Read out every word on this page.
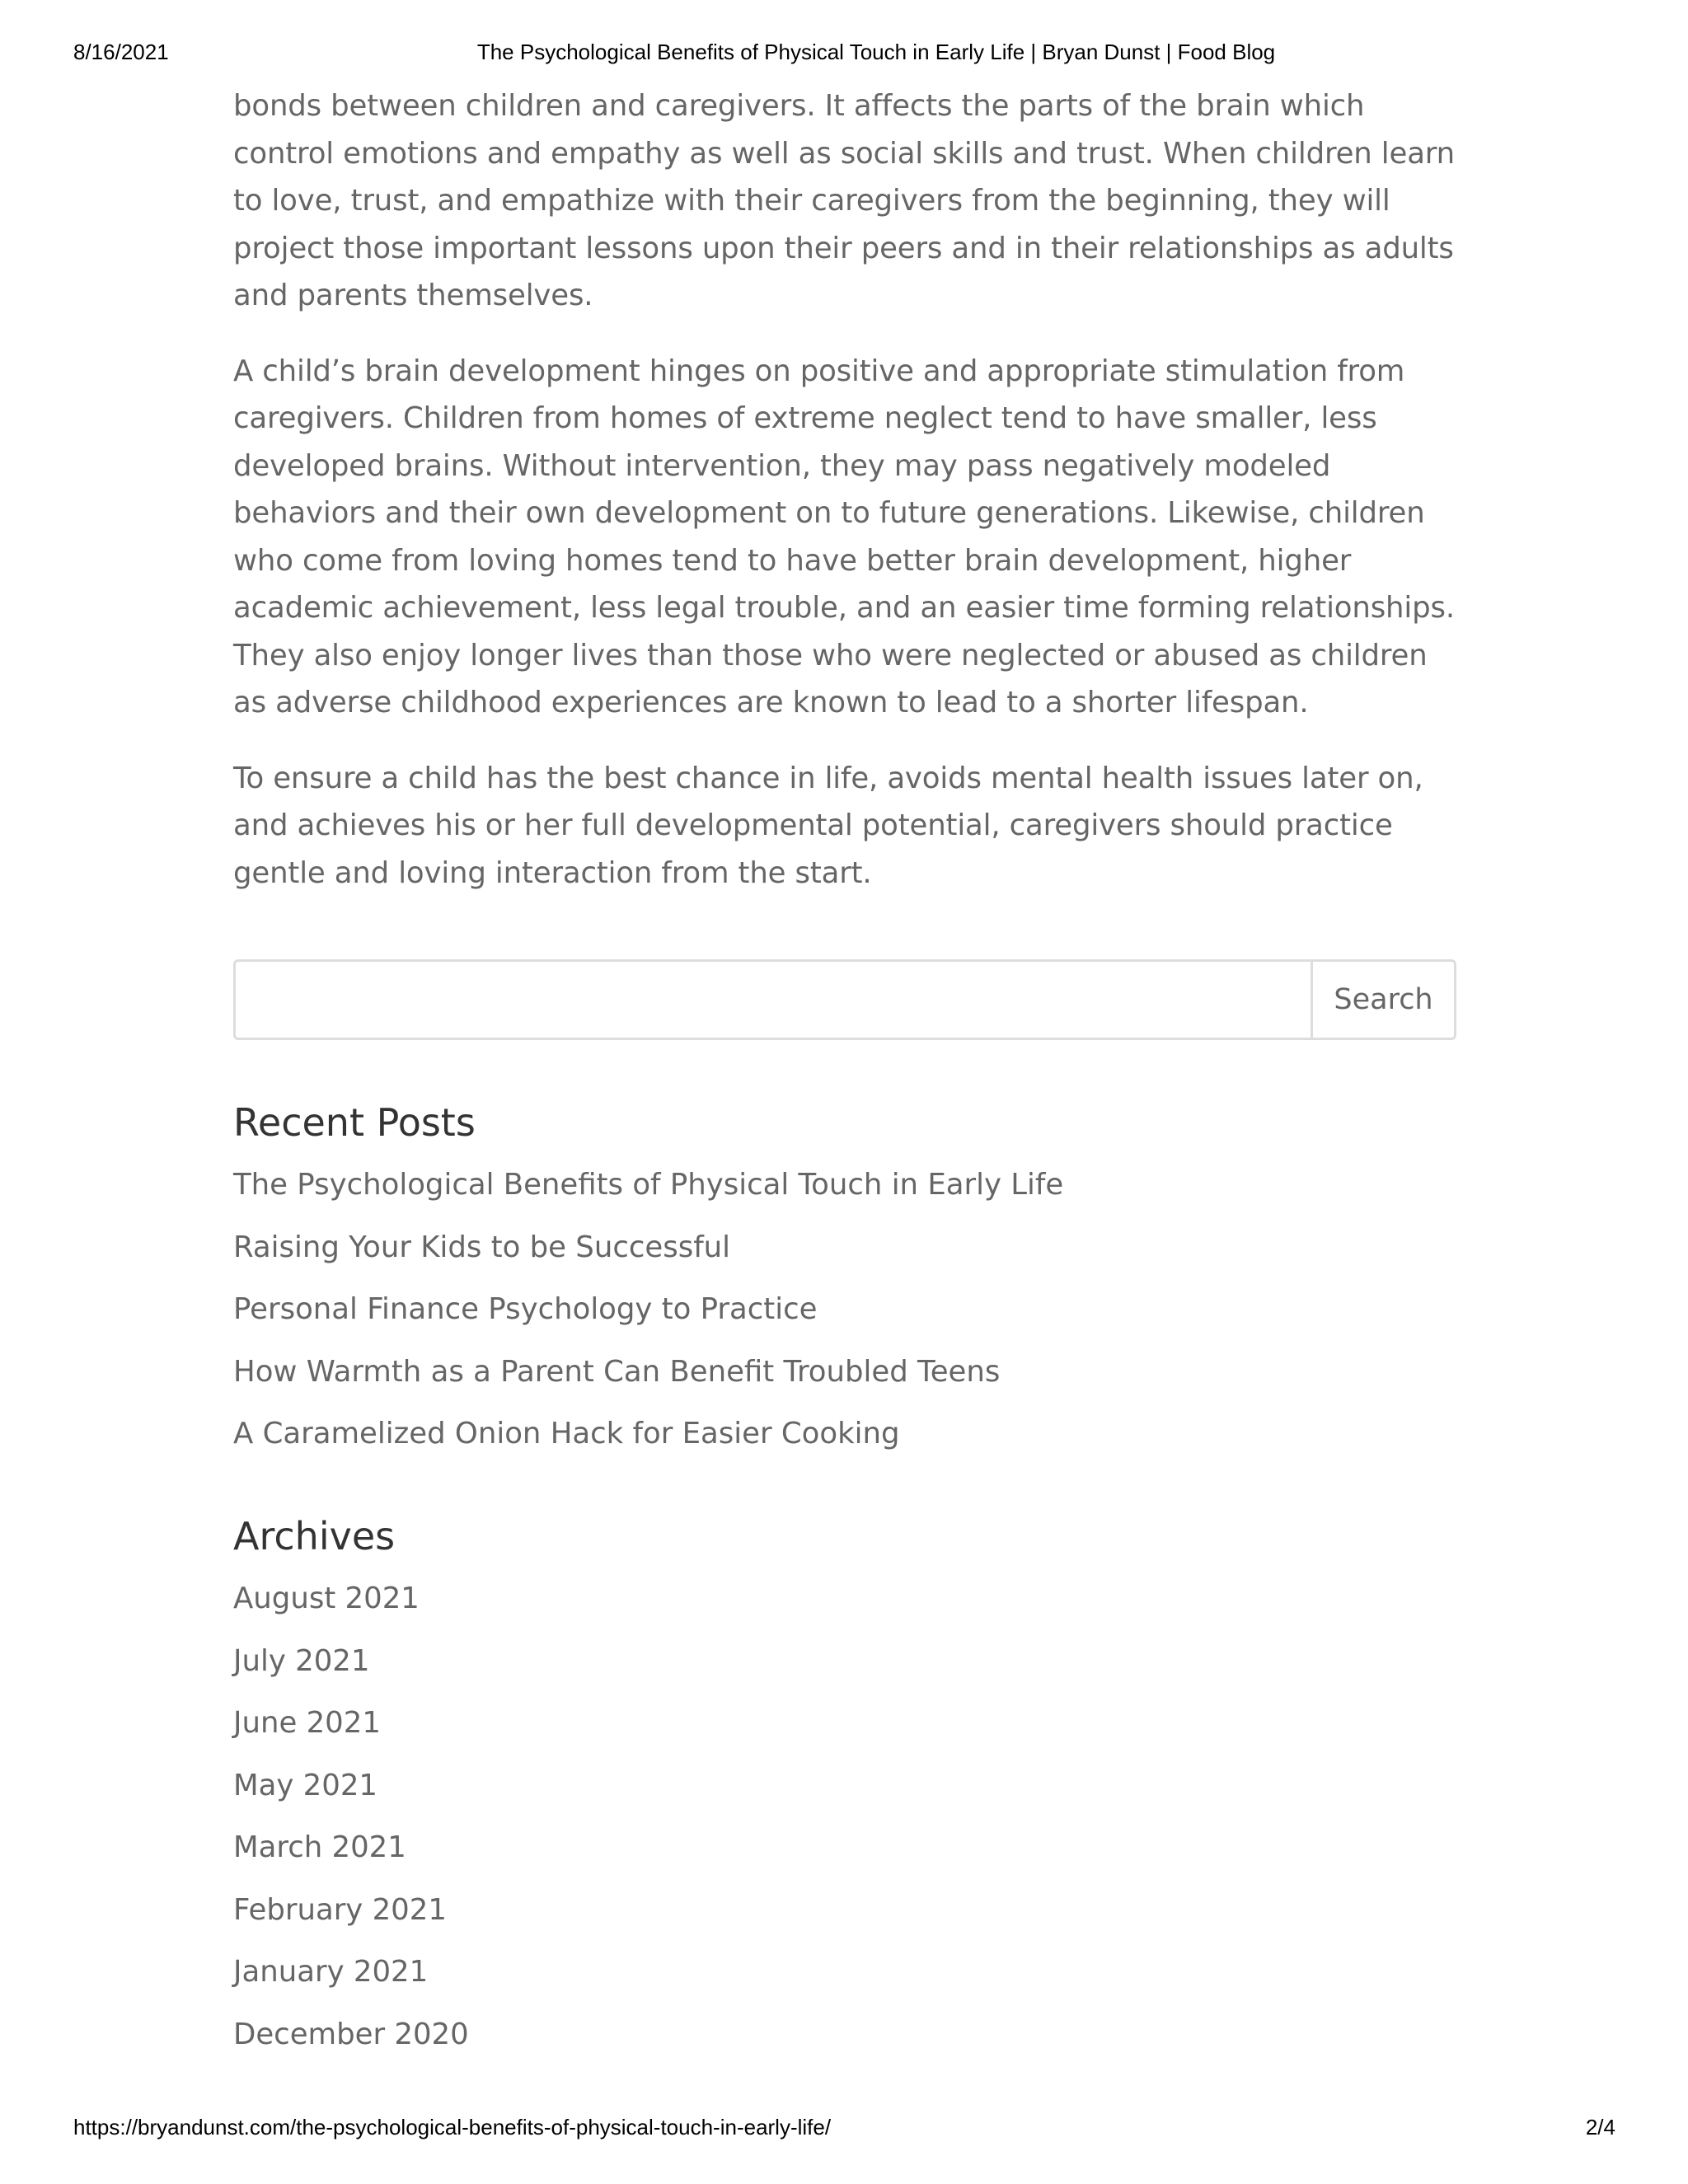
8/16/2021	The Psychological Benefits of Physical Touch in Early Life | Bryan Dunst | Food Blog

bonds between children and caregivers. It affects the parts of the brain which control emotions and empathy as well as social skills and trust. When children learn to love, trust, and empathize with their caregivers from the beginning, they will project those important lessons upon their peers and in their relationships as adults and parents themselves.

A child’s brain development hinges on positive and appropriate stimulation from caregivers. Children from homes of extreme neglect tend to have smaller, less developed brains. Without intervention, they may pass negatively modeled behaviors and their own development on to future generations. Likewise, children who come from loving homes tend to have better brain development, higher academic achievement, less legal trouble, and an easier time forming relationships. They also enjoy longer lives than those who were neglected or abused as children as adverse childhood experiences are known to lead to a shorter lifespan.

To ensure a child has the best chance in life, avoids mental health issues later on, and achieves his or her full developmental potential, caregivers should practice gentle and loving interaction from the start.

Search
Recent Posts
The Psychological Benefits of Physical Touch in Early Life
Raising Your Kids to be Successful
Personal Finance Psychology to Practice
How Warmth as a Parent Can Benefit Troubled Teens
A Caramelized Onion Hack for Easier Cooking
Archives
August 2021
July 2021
June 2021
May 2021
March 2021
February 2021
January 2021
December 2020
https://bryandunst.com/the-psychological-benefits-of-physical-touch-in-early-life/	2/4
